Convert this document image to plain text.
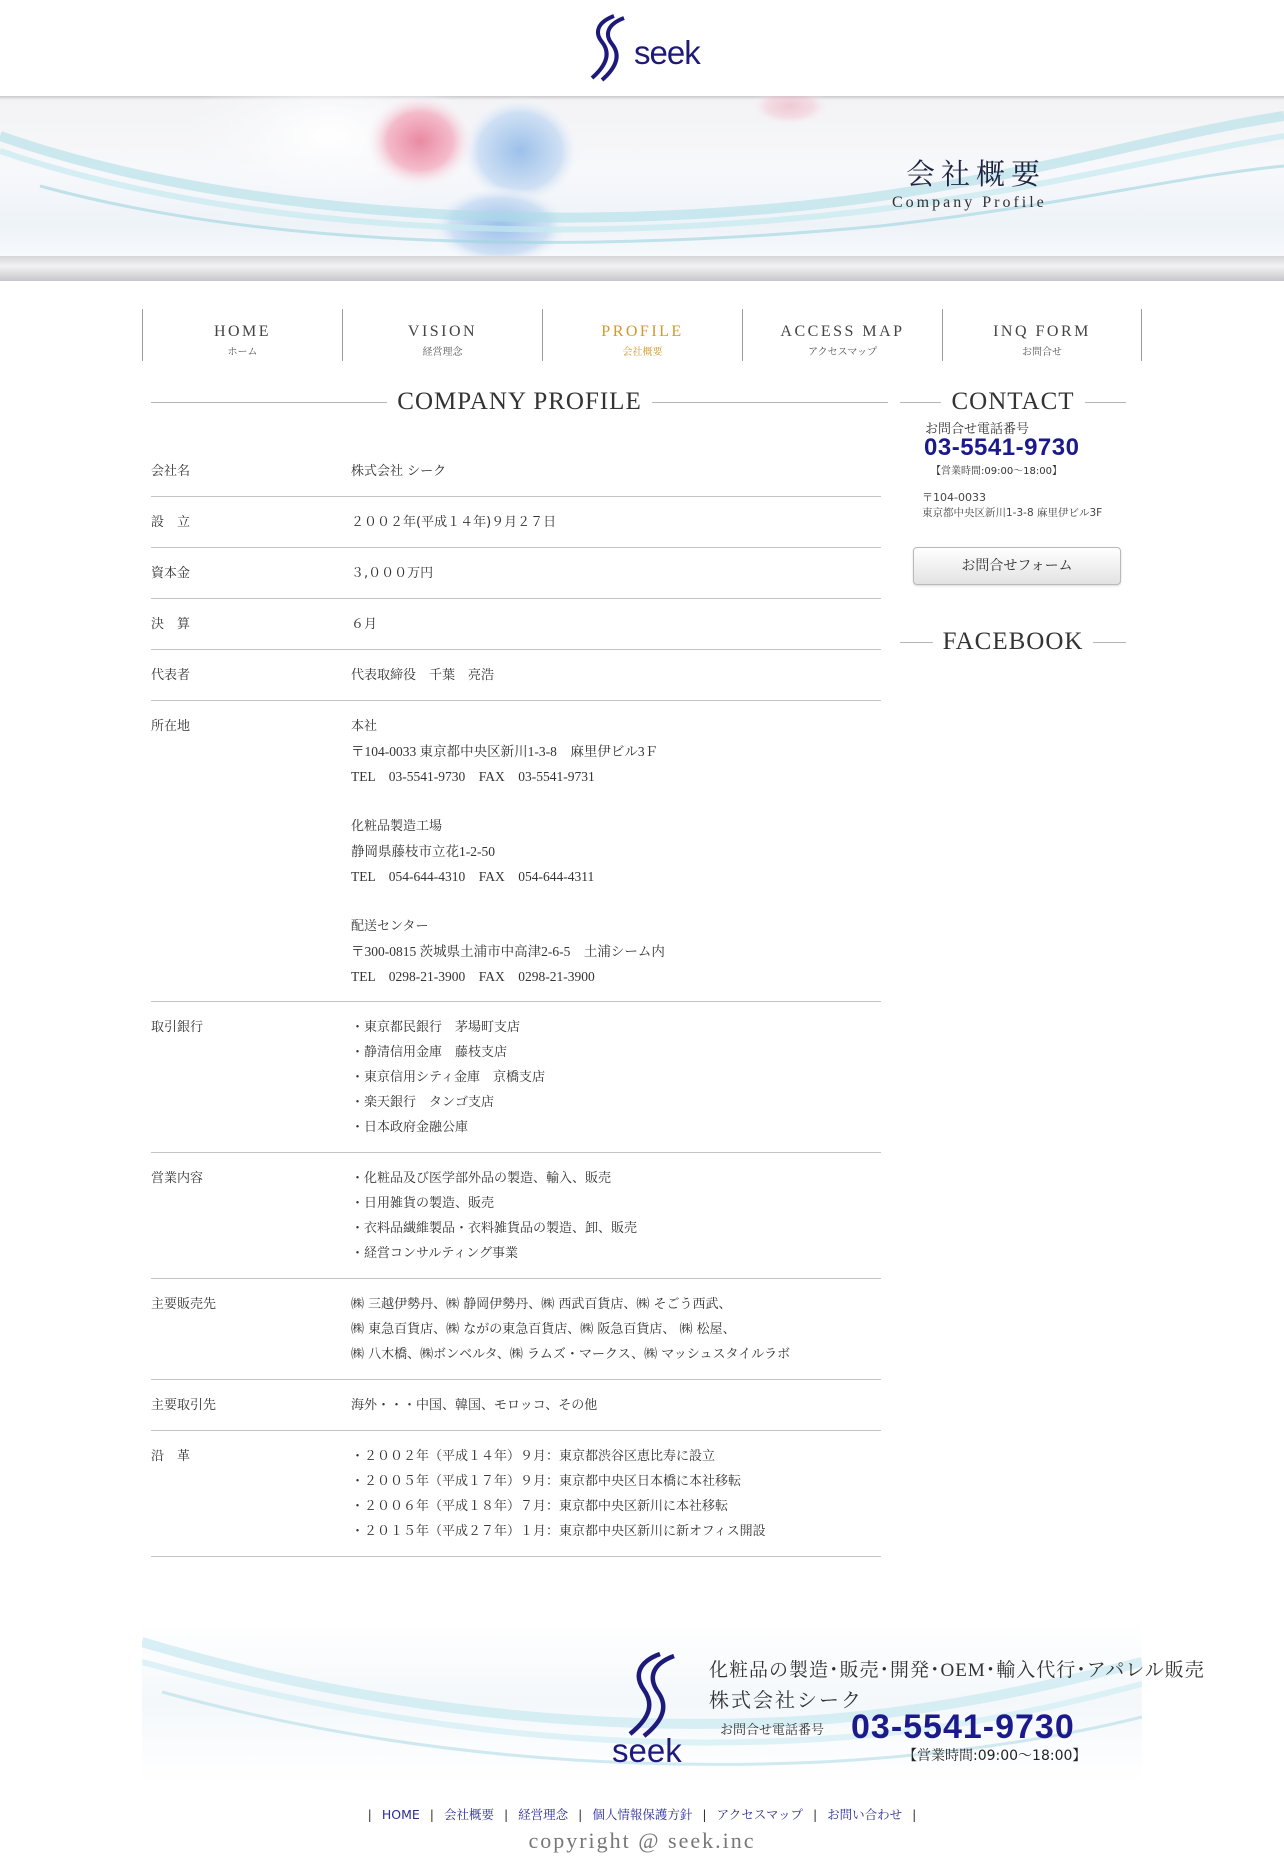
seek
会社概要
Company Profile
HOME
ホーム
VISION
経営理念
PROFILE
会社概要
ACCESS MAP
アクセスマップ
INQ FORM
お問合せ
COMPANY PROFILE
会社名	株式会社 シーク
設　立	２００２年(平成１４年)９月２７日
資本金	３,０００万円
決　算	６月
代表者	代表取締役　千葉　亮浩
所在地	本社
〒104-0033 東京都中央区新川1-3-8　麻里伊ビル3Ｆ
TEL　03-5541-9730　FAX　03-5541-9731
化粧品製造工場
静岡県藤枝市立花1-2-50
TEL　054-644-4310　FAX　054-644-4311
配送センター
〒300-0815 茨城県土浦市中高津2-6-5　土浦シーム内
TEL　0298-21-3900　FAX　0298-21-3900
取引銀行	・東京都民銀行　茅場町支店
・静清信用金庫　藤枝支店
・東京信用シティ金庫　京橋支店
・楽天銀行　タンゴ支店
・日本政府金融公庫
営業内容	・化粧品及び医学部外品の製造、輸入、販売
・日用雑貨の製造、販売
・衣料品繊維製品・衣料雑貨品の製造、卸、販売
・経営コンサルティング事業
主要販売先	㈱ 三越伊勢丹、㈱ 静岡伊勢丹、㈱ 西武百貨店、㈱ そごう西武、
㈱ 東急百貨店、㈱ ながの東急百貨店、㈱ 阪急百貨店、 ㈱ 松屋、
㈱ 八木橋、㈱ボンベルタ、㈱ ラムズ・マークス、㈱ マッシュスタイルラボ
主要取引先	海外・・・中国、韓国、モロッコ、その他
沿　革	・２００２年（平成１４年）９月：東京都渋谷区恵比寿に設立
・２００５年（平成１７年）９月：東京都中央区日本橋に本社移転
・２００６年（平成１８年）７月：東京都中央区新川に本社移転
・２０１５年（平成２７年）１月：東京都中央区新川に新オフィス開設
CONTACT
お問合せ電話番号
03-5541-9730
【営業時間:09:00～18:00】
〒104-0033
東京都中央区新川1-3-8 麻里伊ビル3F
お問合せフォーム
FACEBOOK
seek
化粧品の製造･販売･開発･OEM･輸入代行･アパレル販売
株式会社シーク
お問合せ電話番号 03-5541-9730
【営業時間:09:00～18:00】
| HOME | 会社概要 | 経営理念 | 個人情報保護方針 | アクセスマップ | お問い合わせ |
copyright @ seek.inc
